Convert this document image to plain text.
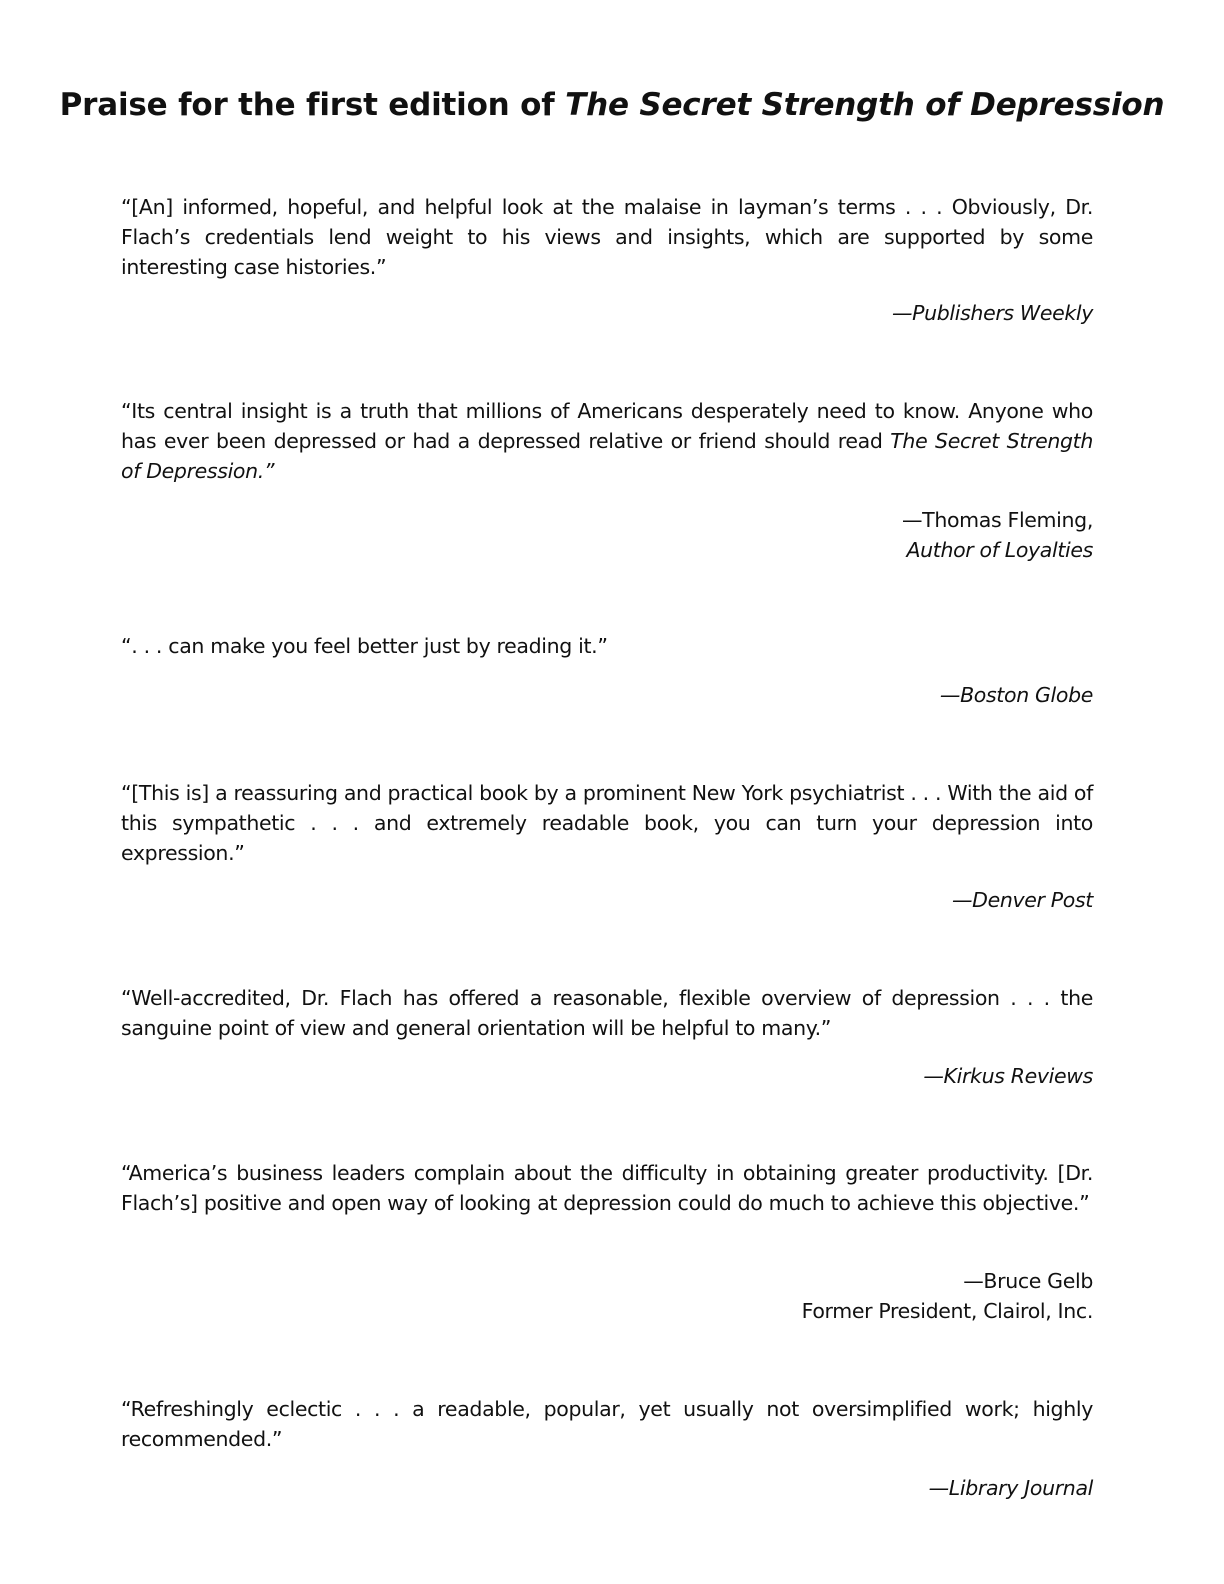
Praise for the first edition of The Secret Strength of Depression
“[An] informed, hopeful, and helpful look at the malaise in layman’s terms . . . Obviously, Dr. Flach’s credentials lend weight to his views and insights, which are supported by some interesting case histories.”
—Publishers Weekly
“Its central insight is a truth that millions of Americans desperately need to know. Anyone who has ever been depressed or had a depressed relative or friend should read The Secret Strength of Depression.”
—Thomas Fleming,
Author of Loyalties
“. . . can make you feel better just by reading it.”
—Boston Globe
“[This is] a reassuring and practical book by a prominent New York psychiatrist . . . With the aid of this sympathetic . . . and extremely readable book, you can turn your depression into expression.”
—Denver Post
“Well-accredited, Dr. Flach has offered a reasonable, flexible overview of depression . . . the sanguine point of view and general orientation will be helpful to many.”
—Kirkus Reviews
“America’s business leaders complain about the difficulty in obtaining greater productivity. [Dr. Flach’s] positive and open way of looking at depression could do much to achieve this objective.”
—Bruce Gelb
Former President, Clairol, Inc.
“Refreshingly eclectic . . . a readable, popular, yet usually not oversimplified work; highly recommended.”
—Library Journal
